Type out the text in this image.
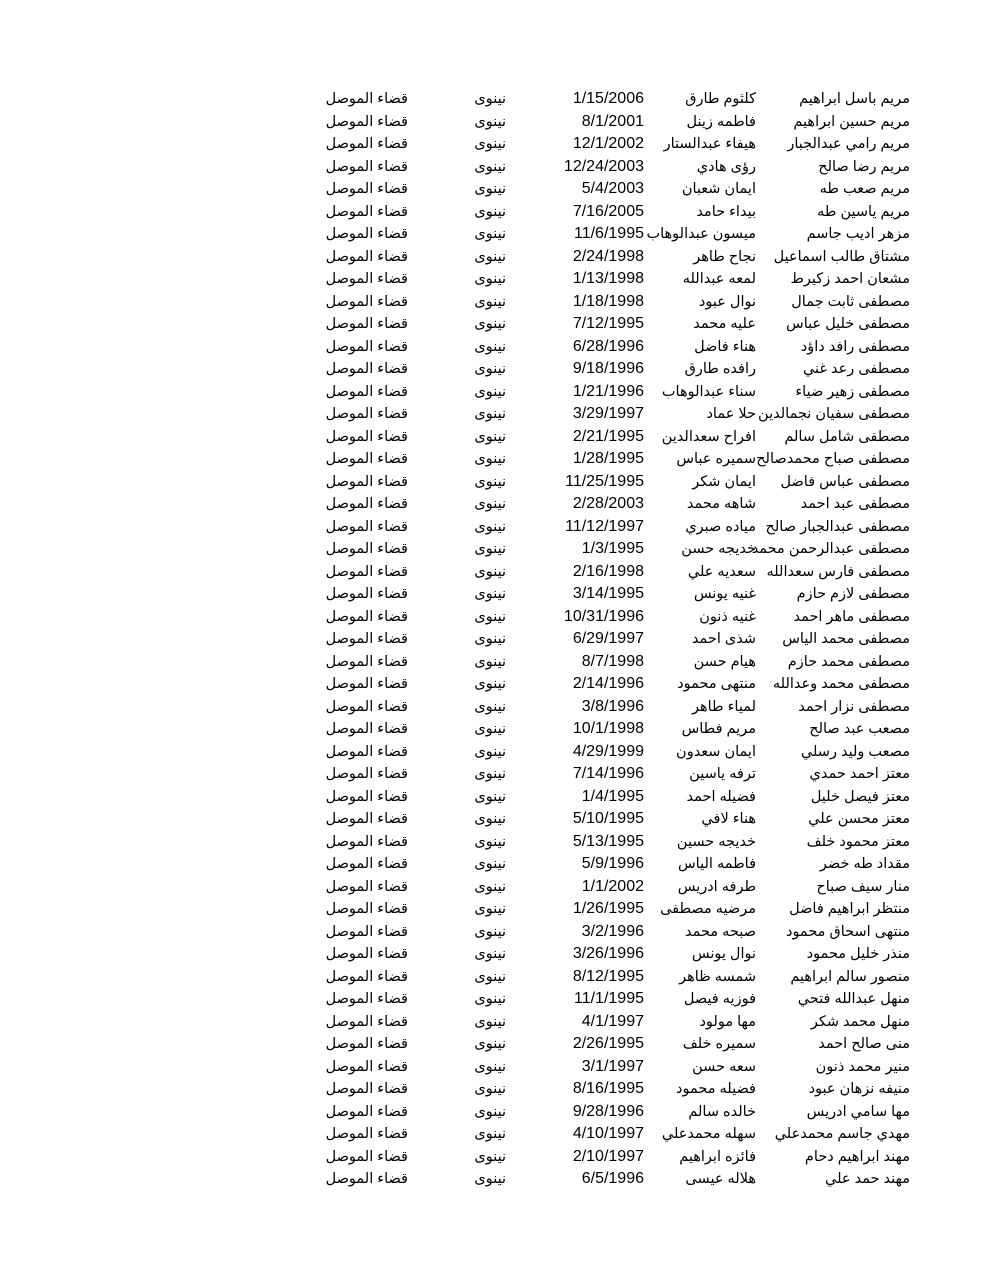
مريم باسل ابراهيم
كلثوم طارق
1/15/2006
نينوى
قضاء الموصل
مريم حسين ابراهيم
فاطمه زينل
8/1/2001
نينوى
قضاء الموصل
مريم رامي عبدالجبار
هيفاء عبدالستار
12/1/2002
نينوى
قضاء الموصل
مريم رضا صالح
رؤى هادي
12/24/2003
نينوى
قضاء الموصل
مريم صعب طه
ايمان شعبان
5/4/2003
نينوى
قضاء الموصل
مريم ياسين طه
بيداء حامد
7/16/2005
نينوى
قضاء الموصل
مزهر اديب جاسم
ميسون عبدالوهاب
11/6/1995
نينوى
قضاء الموصل
مشتاق طالب اسماعيل
نجاح طاهر
2/24/1998
نينوى
قضاء الموصل
مشعان احمد زكيرط
لمعه عبدالله
1/13/1998
نينوى
قضاء الموصل
مصطفى ثابت جمال
نوال عبود
1/18/1998
نينوى
قضاء الموصل
مصطفى خليل عباس
عليه محمد
7/12/1995
نينوى
قضاء الموصل
مصطفى رافد داؤد
هناء فاضل
6/28/1996
نينوى
قضاء الموصل
مصطفى رعد غني
رافده طارق
9/18/1996
نينوى
قضاء الموصل
مصطفى زهير ضياء
سناء عبدالوهاب
1/21/1996
نينوى
قضاء الموصل
مصطفى سفيان نجمالدين
حلا عماد
3/29/1997
نينوى
قضاء الموصل
مصطفى شامل سالم
افراح سعدالدين
2/21/1995
نينوى
قضاء الموصل
مصطفى صباح محمدصالح
سميره عباس
1/28/1995
نينوى
قضاء الموصل
مصطفى عباس فاضل
ايمان شكر
11/25/1995
نينوى
قضاء الموصل
مصطفى عبد احمد
شاهه محمد
2/28/2003
نينوى
قضاء الموصل
مصطفى عبدالجبار صالح
مياده صبري
11/12/1997
نينوى
قضاء الموصل
مصطفى عبدالرحمن محمد
خديجه حسن
1/3/1995
نينوى
قضاء الموصل
مصطفى فارس سعدالله
سعديه علي
2/16/1998
نينوى
قضاء الموصل
مصطفى لازم حازم
غنيه يونس
3/14/1995
نينوى
قضاء الموصل
مصطفى ماهر احمد
غنيه ذنون
10/31/1996
نينوى
قضاء الموصل
مصطفى محمد الياس
شذى احمد
6/29/1997
نينوى
قضاء الموصل
مصطفى محمد حازم
هيام حسن
8/7/1998
نينوى
قضاء الموصل
مصطفى محمد وعدالله
منتهى محمود
2/14/1996
نينوى
قضاء الموصل
مصطفى نزار احمد
لمياء طاهر
3/8/1996
نينوى
قضاء الموصل
مصعب عبد صالح
مريم فطاس
10/1/1998
نينوى
قضاء الموصل
مصعب وليد رسلي
ايمان سعدون
4/29/1999
نينوى
قضاء الموصل
معتز احمد حمدي
ترفه ياسين
7/14/1996
نينوى
قضاء الموصل
معتز فيصل خليل
فضيله احمد
1/4/1995
نينوى
قضاء الموصل
معتز محسن علي
هناء لافي
5/10/1995
نينوى
قضاء الموصل
معتز محمود خلف
خديجه حسين
5/13/1995
نينوى
قضاء الموصل
مقداد طه خضر
فاطمه الياس
5/9/1996
نينوى
قضاء الموصل
منار سيف صباح
طرفه ادريس
1/1/2002
نينوى
قضاء الموصل
منتظر ابراهيم فاضل
مرضيه مصطفى
1/26/1995
نينوى
قضاء الموصل
منتهى اسحاق محمود
صبحه محمد
3/2/1996
نينوى
قضاء الموصل
منذر خليل محمود
نوال يونس
3/26/1996
نينوى
قضاء الموصل
منصور سالم ابراهيم
شمسه ظاهر
8/12/1995
نينوى
قضاء الموصل
منهل عبدالله فتحي
فوزيه فيصل
11/1/1995
نينوى
قضاء الموصل
منهل محمد شكر
مها مولود
4/1/1997
نينوى
قضاء الموصل
منى صالح احمد
سميره خلف
2/26/1995
نينوى
قضاء الموصل
منير محمد ذنون
سعه حسن
3/1/1997
نينوى
قضاء الموصل
منيفه نزهان عبود
فضيله محمود
8/16/1995
نينوى
قضاء الموصل
مها سامي ادريس
خالده سالم
9/28/1996
نينوى
قضاء الموصل
مهدي جاسم محمدعلي
سهله محمدعلي
4/10/1997
نينوى
قضاء الموصل
مهند ابراهيم دحام
فائزه ابراهيم
2/10/1997
نينوى
قضاء الموصل
مهند حمد علي
هلاله عيسى
6/5/1996
نينوى
قضاء الموصل
